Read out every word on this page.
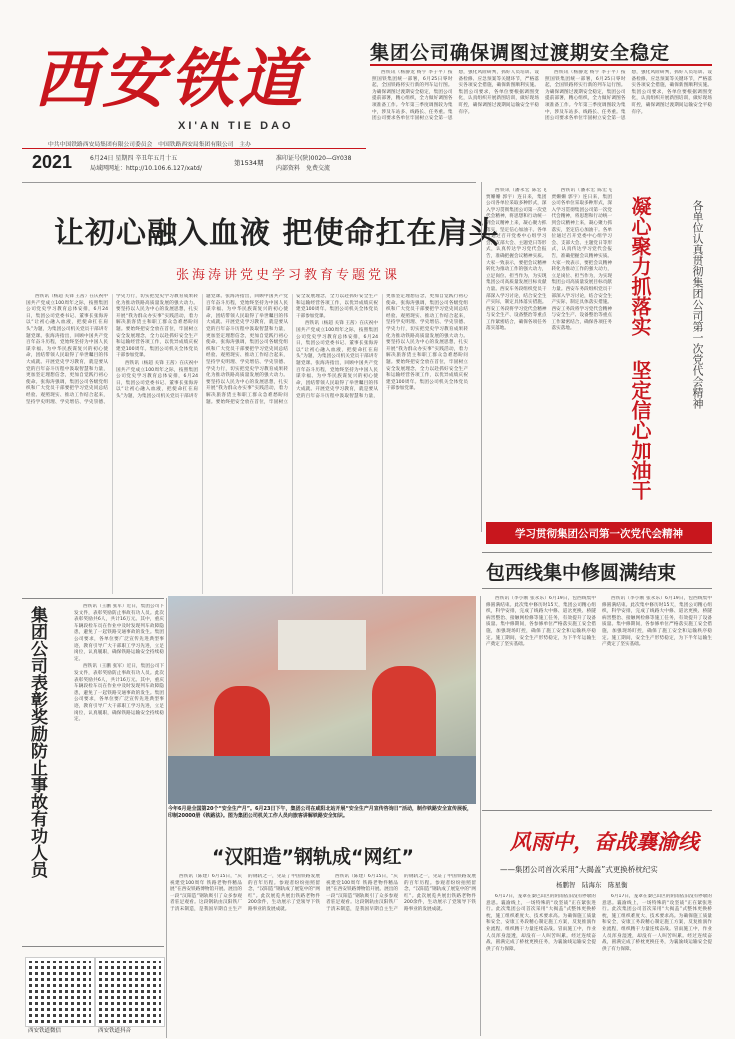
西安铁道
XI'AN TIE DAO
中共中国铁路西安局集团有限公司委员会　中国铁路西安局集团有限公司　主办
2021	6月24日 星期四 辛丑年五月十五
局域网网址：http://10.106.6.127/xatd/
第1534期
准印证号(陕)0020—GY038
内部资料　免费交流
集团公司确保调图过渡期安全稳定

西铁讯（杨静龙 杨宇 李子平）按照国铁集团统一部署，6月25日零时起，全国铁路将实行新的列车运行图。为确保调图过渡期安全稳定，集团公司提前部署，精心组织，全力做好调图各项准备工作。今年第三季度调图较为集中，涉及车站多、线路长、任务重。集团公司要求各单位牢固树立安全第一思想，强化风险研判，抓好人员培训、设备检修、应急预案等关键环节，严格落实各项安全措施，确保新图顺利实施。集团公司要求，各单位要根据调图变化，认真组织开展新图培训，做好现场盯控，确保调图过渡期间运输安全平稳有序。

西铁讯（杨静龙 杨宇 李子平）按照国铁集团统一部署，6月25日零时起，全国铁路将实行新的列车运行图。为确保调图过渡期安全稳定，集团公司提前部署，精心组织，全力做好调图各项准备工作。今年第三季度调图较为集中，涉及车站多、线路长、任务重。集团公司要求各单位牢固树立安全第一思想，强化风险研判，抓好人员培训、设备检修、应急预案等关键环节，严格落实各项安全措施，确保新图顺利实施。集团公司要求，各单位要根据调图变化，认真组织开展新图培训，做好现场盯控，确保调图过渡期间运输安全平稳有序。

让初心融入血液 把使命扛在肩头
张海涛讲党史学习教育专题党课

西铁讯（杨超 关锋 王茜）在庆祝中国共产党成立100周年之际，按照集团公司党史学习教育总体安排，6月24日，集团公司党委书记、董事长张海涛以“让初心融入血液，把使命扛在肩头”为题，为集团公司机关党员干部讲专题党课。张海涛指出，回顾中国共产党百年奋斗历程，党始终坚持为中国人民谋幸福、为中华民族谋复兴的初心使命，团结带领人民取得了举世瞩目的伟大成就。开展党史学习教育，就是要从党的百年奋斗历程中汲取智慧和力量，更加坚定理想信念，更加自觉践行初心使命。张海涛强调，集团公司各级党组织和广大党员干部要把学习党史同总结经验、观照现实、推动工作结合起来，坚持学史明理、学史增信、学史崇德、学史力行，切实把党史学习教育成果转化为推动铁路高质量发展的强大动力。要坚持以人民为中心的发展思想，扎实开展“我为群众办实事”实践活动，着力解决旅客货主和职工群众急难愁盼问题。要始终把安全放在首位，牢固树立安全发展理念，全力以赴抓好安全生产和运输经营各项工作，以优异成绩庆祝建党100周年。集团公司机关全体党员干部参加党课。

西铁讯（杨超 关锋 王茜）在庆祝中国共产党成立100周年之际，按照集团公司党史学习教育总体安排，6月24日，集团公司党委书记、董事长张海涛以“让初心融入血液，把使命扛在肩头”为题，为集团公司机关党员干部讲专题党课。张海涛指出，回顾中国共产党百年奋斗历程，党始终坚持为中国人民谋幸福、为中华民族谋复兴的初心使命，团结带领人民取得了举世瞩目的伟大成就。开展党史学习教育，就是要从党的百年奋斗历程中汲取智慧和力量，更加坚定理想信念，更加自觉践行初心使命。张海涛强调，集团公司各级党组织和广大党员干部要把学习党史同总结经验、观照现实、推动工作结合起来，坚持学史明理、学史增信、学史崇德、学史力行，切实把党史学习教育成果转化为推动铁路高质量发展的强大动力。要坚持以人民为中心的发展思想，扎实开展“我为群众办实事”实践活动，着力解决旅客货主和职工群众急难愁盼问题。要始终把安全放在首位，牢固树立安全发展理念，全力以赴抓好安全生产和运输经营各项工作，以优异成绩庆祝建党100周年。集团公司机关全体党员干部参加党课。

西铁讯（杨超 关锋 王茜）在庆祝中国共产党成立100周年之际，按照集团公司党史学习教育总体安排，6月24日，集团公司党委书记、董事长张海涛以“让初心融入血液，把使命扛在肩头”为题，为集团公司机关党员干部讲专题党课。张海涛指出，回顾中国共产党百年奋斗历程，党始终坚持为中国人民谋幸福、为中华民族谋复兴的初心使命，团结带领人民取得了举世瞩目的伟大成就。开展党史学习教育，就是要从党的百年奋斗历程中汲取智慧和力量，更加坚定理想信念，更加自觉践行初心使命。张海涛强调，集团公司各级党组织和广大党员干部要把学习党史同总结经验、观照现实、推动工作结合起来，坚持学史明理、学史增信、学史崇德、学史力行，切实把党史学习教育成果转化为推动铁路高质量发展的强大动力。要坚持以人民为中心的发展思想，扎实开展“我为群众办实事”实践活动，着力解决旅客货主和职工群众急难愁盼问题。要始终把安全放在首位，牢固树立安全发展理念，全力以赴抓好安全生产和运输经营各项工作，以优异成绩庆祝建党100周年。集团公司机关全体党员干部参加党课。

西铁讯（潘永宏 陈宏飞 贾姗姗 郭宇）连日来，集团公司各单位采取多种形式，深入学习贯彻集团公司第一次党代会精神，将思想和行动统一到会议精神上来，凝心聚力抓落实，坚定信心加油干。各单位通过召开党委中心组学习会、支部大会、主题党日等形式，认真传达学习党代会报告，准确把握会议精神实质。大家一致表示，要把会议精神转化为推动工作的强大动力，立足岗位、担当作为，为实现集团公司高质量发展目标贡献力量。西安车务段组织党员干部深入学习讨论，结合安全生产实际，制定具体落实措施。西安工务段将学习党代会精神与安全生产、设备整治等重点工作紧密结合，确保各项任务落实落地。

西铁讯（潘永宏 陈宏飞 贾姗姗 郭宇）连日来，集团公司各单位采取多种形式，深入学习贯彻集团公司第一次党代会精神，将思想和行动统一到会议精神上来，凝心聚力抓落实，坚定信心加油干。各单位通过召开党委中心组学习会、支部大会、主题党日等形式，认真传达学习党代会报告，准确把握会议精神实质。大家一致表示，要把会议精神转化为推动工作的强大动力，立足岗位、担当作为，为实现集团公司高质量发展目标贡献力量。西安车务段组织党员干部深入学习讨论，结合安全生产实际，制定具体落实措施。西安工务段将学习党代会精神与安全生产、设备整治等重点工作紧密结合，确保各项任务落实落地。	凝心聚力抓落实 坚定信心加油干	各单位认真贯彻集团公司第一次党代会精神
学习贯彻集团公司第一次党代会精神
包西线集中修圆满结束

西铁讯（李小刚 张永乐）6月19日，包西线集中修圆满结束。此次集中修历时15天，集团公司精心组织，科学安排，完成了线路大中修、道岔更换、桥隧病害整治、接触网检修等施工任务，有效提升了设备质量。集中修期间，各参修单位严格落实施工安全措施，加强现场盯控，确保了施工安全和运输秩序稳定。施工期间，安全生产形势稳定，为下半年运输生产奠定了坚实基础。

西铁讯（李小刚 张永乐）6月19日，包西线集中修圆满结束。此次集中修历时15天，集团公司精心组织，科学安排，完成了线路大中修、道岔更换、桥隧病害整治、接触网检修等施工任务，有效提升了设备质量。集中修期间，各参修单位严格落实施工安全措施，加强现场盯控，确保了施工安全和运输秩序稳定。施工期间，安全生产形势稳定，为下半年运输生产奠定了坚实基础。

今年6月是全国第20个“安全生产月”。6月23日下午，集团公司在咸阳北站开展“安全生产月宣传咨询日”活动，制作铁路安全宣传展板，印制20000册《铁路法》。图为集团公司机关工作人员向旅客讲解铁路安全知识。
风雨中，奋战襄渝线
——集团公司首次采用“大揭盖”式更换桥枕纪实
杨鹏智　陆海东　陈星衡

6月17日，笼罩在秦巴山区的阴雨依旧没有停歇的意思。襄渝线上，一场特殊的“攻坚战”正在紧张进行。此次集团公司首次采用“大揭盖”式整体更换桥枕，施工组织难度大、技术要求高。为确保施工质量和安全，安康工务段精心制定施工方案，反复推演作业流程，组织精干力量连续奋战。冒雨施工中，作业人员浑身湿透，却没有一人叫苦叫累。经过连续奋战，圆满完成了桥枕更换任务，为襄渝线运输安全提供了有力保障。

6月17日，笼罩在秦巴山区的阴雨依旧没有停歇的意思。襄渝线上，一场特殊的“攻坚战”正在紧张进行。此次集团公司首次采用“大揭盖”式整体更换桥枕，施工组织难度大、技术要求高。为确保施工质量和安全，安康工务段精心制定施工方案，反复推演作业流程，组织精干力量连续奋战。冒雨施工中，作业人员浑身湿透，却没有一人叫苦叫累。经过连续奋战，圆满完成了桥枕更换任务，为襄渝线运输安全提供了有力保障。

集团公司表彰奖励防止事故有功人员	西铁讯（王鹏 张军）近日，集团公司下发文件，表彰奖励防止事故有功人员。此次表彰奖励共6人，共计16万元。其中，重庆车辆段检车员在作业中及时发现列车故障隐患，避免了一起铁路交通事故的发生。集团公司要求，各单位要广泛宣传先进典型事迹，教育引导广大干部职工学习先进，立足岗位，认真履职，确保铁路运输安全持续稳定。

西铁讯（王鹏 张军）近日，集团公司下发文件，表彰奖励防止事故有功人员。此次表彰奖励共6人，共计16万元。其中，重庆车辆段检车员在作业中及时发现列车故障隐患，避免了一起铁路交通事故的发生。集团公司要求，各单位要广泛宣传先进典型事迹，教育引导广大干部职工学习先进，立足岗位，认真履职，确保铁路运输安全持续稳定。

西安铁道微信	西安铁道抖音
“汉阳造”钢轨成“网红”

西铁讯（陈建）6月15日，“庆祝建党100周年 铁路老物件精品展”在西安铁路博物馆开展。展出的一段“汉阳造”钢轨吸引了众多参观者驻足观看。这段钢轨由汉阳铁厂于清末制造，是我国早期自主生产的钢轨之一，见证了中国铁路发展的百年历程。参观者纷纷拍照留念，“汉阳造”钢轨成了展览中的“网红”。此次展览共展出铁路老物件200余件，生动展示了党领导下铁路事业的发展成就。

西铁讯（陈建）6月15日，“庆祝建党100周年 铁路老物件精品展”在西安铁路博物馆开展。展出的一段“汉阳造”钢轨吸引了众多参观者驻足观看。这段钢轨由汉阳铁厂于清末制造，是我国早期自主生产的钢轨之一，见证了中国铁路发展的百年历程。参观者纷纷拍照留念，“汉阳造”钢轨成了展览中的“网红”。此次展览共展出铁路老物件200余件，生动展示了党领导下铁路事业的发展成就。
